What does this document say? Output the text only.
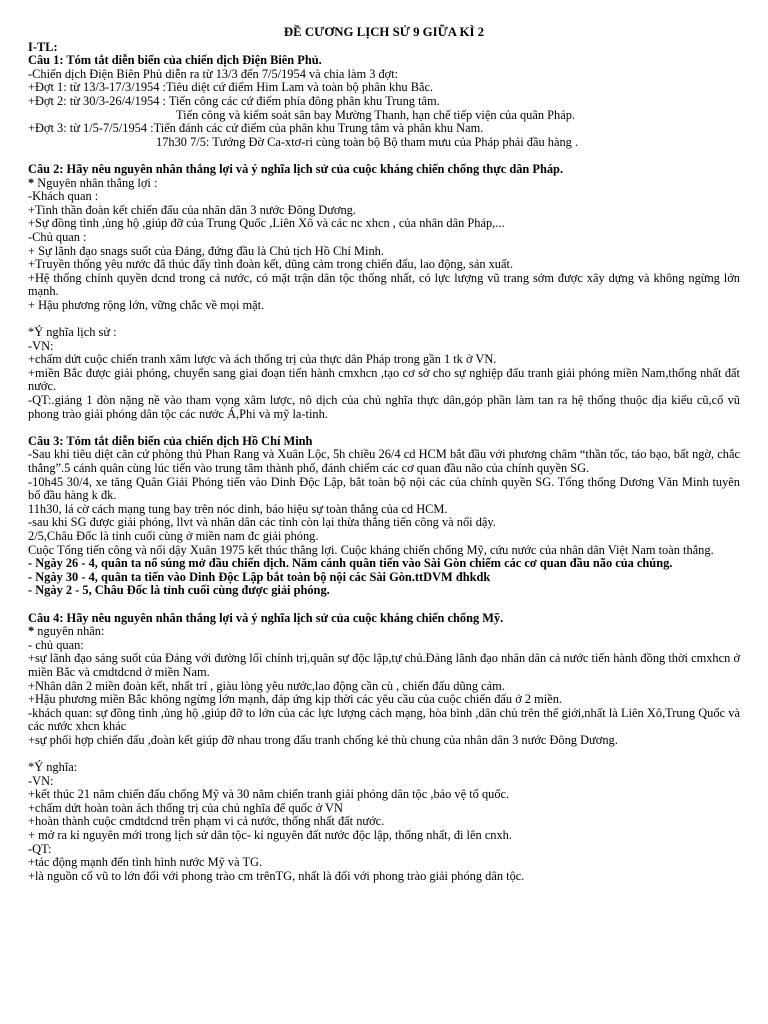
ĐỀ CƯƠNG LỊCH SỬ 9 GIỮA KÌ 2

I-TL:

Câu 1: Tóm tắt diễn biến của chiến dịch Điện Biên Phủ.

-Chiến dịch Điện Biên Phủ diễn ra từ 13/3 đến 7/5/1954 và chia làm 3 đợt:

+Đợt 1: từ 13/3-17/3/1954 :Tiêu diệt cứ điểm Him Lam và toàn bộ phân khu Bắc.

+Đợt 2: từ 30/3-26/4/1954 : Tiến công các cứ điểm phía đông phân khu Trung tâm.

Tiến công và kiểm soát sân bay Mường Thanh, hạn chế tiếp viện của quân Pháp.

+Đợt 3: từ 1/5-7/5/1954 :Tiến đánh các cứ điểm của phân khu Trung tâm và phân khu Nam.

17h30 7/5: Tướng Đờ Ca-xtơ-ri cùng toàn bộ Bộ tham mưu của Pháp phải đầu hàng .

Câu 2: Hãy nêu nguyên nhân thắng lợi và ý nghĩa lịch sử của cuộc kháng chiến chống thực dân Pháp.

* Nguyên nhân thắng lợi :

-Khách quan :

+Tinh thần đoàn kết chiến đấu của nhân dân 3 nước Đông Dương.

+Sự đồng tình ,ủng hộ ,giúp đỡ của Trung Quốc ,Liên Xô và các nc xhcn , của nhân dân Pháp,...

-Chủ quan :

+ Sự lãnh đạo snags suốt của Đảng, đứng đầu là Chủ tịch Hồ Chí Minh.

+Truyền thống yêu nước đã thúc đẩy tình đoàn kết, dũng cảm trong chiến đấu, lao động, sản xuất.

+Hệ thống chính quyền dcnd trong cả nước, có mặt trận dân tộc thống nhất, có lực lượng vũ trang sớm được xây dựng và không ngừng lớn mạnh.

+ Hậu phương rộng lớn, vững chắc về mọi mặt.

*Ý nghĩa lịch sử :

-VN:

+chấm dứt cuộc chiến tranh xâm lược và ách thống trị của thực dân Pháp trong gần 1 tk ở VN.

+miền Bắc được giải phóng, chuyển sang giai đoạn tiến hành cmxhcn ,tạo cơ sở cho sự nghiệp đấu tranh giải phóng miền Nam,thống nhất đất nước.

-QT:.giáng 1 đòn nặng nề vào tham vọng xâm lược, nô dịch của chủ nghĩa thực dân,góp phần làm tan ra hệ thống thuộc địa kiểu cũ,cổ vũ phong trào giải phóng dân tộc các nước Á,Phi và mỹ la-tinh.

Câu 3: Tóm tắt diễn biến của chiến dịch Hồ Chí Minh

-Sau khi tiêu diệt căn cứ phòng thủ Phan Rang và Xuân Lộc, 5h chiều 26/4 cd HCM bắt đầu với phương châm “thần tốc, táo bạo, bất ngờ, chắc thắng”.5 cánh quân cùng lúc tiến vào trung tâm thành phố, đánh chiếm các cơ quan đầu não của chính quyền SG.

-10h45 30/4, xe tăng Quân Giải Phóng tiến vào Dinh Độc Lập, bắt toàn bộ nội các của chính quyền SG. Tổng thống Dương Văn Minh tuyên bố đầu hàng k đk.

11h30, lá cờ cách mạng tung bay trên nóc dinh, báo hiệu sự toàn thắng của cd HCM.

-sau khi SG được giải phóng, llvt và nhân dân các tỉnh còn lại thừa thắng tiến công và nổi dậy.

2/5,Châu Đốc là tỉnh cuối cùng ở miền nam đc giải phóng.

Cuộc Tổng tiến công và nổi dậy Xuân 1975 kết thúc thắng lợi. Cuộc kháng chiến chống Mỹ, cứu nước của nhân dân Việt Nam toàn thắng.

- Ngày 26 - 4, quân ta nổ súng mở đầu chiến dịch. Năm cánh quân tiến vào Sài Gòn chiếm các cơ quan đầu não của chúng.

- Ngày 30 - 4, quân ta tiến vào Dinh Độc Lập bắt toàn bộ nội các Sài Gòn.ttDVM đhkdk

- Ngày 2 - 5, Châu Đốc là tỉnh cuối cùng được giải phóng.

Câu 4: Hãy nêu nguyên nhân thắng lợi và ý nghĩa lịch sử của cuộc kháng chiến chống Mỹ.

* nguyên nhân:

- chủ quan:

+sự lãnh đạo sáng suốt của Đảng với đường lối chính trị,quân sự độc lập,tự chủ.Đảng lãnh đạo nhân dân cả nước tiến hành đồng thời cmxhcn ở miền Bắc và cmdtdcnd ở miền Nam.

+Nhân dân 2 miền đoàn kết, nhất trí , giàu lòng yêu nước,lao động cần cù , chiến đấu dũng cảm.

+Hậu phương miền Bắc không ngừng lớn mạnh, đáp ứng kịp thời các yêu cầu của cuộc chiến đấu ở 2 miền.

-khách quan: sự đồng tình ,ủng hộ ,giúp đỡ to lớn của các lực lượng cách mạng, hòa bình ,dân chủ trên thế giới,nhất là Liên Xô,Trung Quốc và các nước xhcn khác

+sự phối hợp chiến đấu ,đoàn kết giúp đỡ nhau trong đấu tranh chống kẻ thù chung của nhân dân 3 nước Đông Dương.

*Ý nghĩa:

-VN:

+kết thúc 21 năm chiến đấu chống Mỹ và 30 năm chiến tranh giải phóng dân tộc ,bảo vệ tổ quốc.

+chấm dứt hoàn toàn ách thống trị của chủ nghĩa đế quốc ở VN

+hoàn thành cuộc cmdtdcnd trên phạm vi cả nước, thống nhất đất nước.

+ mở ra kỉ nguyên mới trong lịch sử dân tộc- kỉ nguyên đất nước độc lập, thống nhất, đi lên cnxh.

-QT:

+tác động mạnh đến tình hình nước Mỹ và TG.

+là nguồn cổ vũ to lớn đối với phong trào cm trênTG, nhất là đối với phong trào giải phóng dân tộc.
